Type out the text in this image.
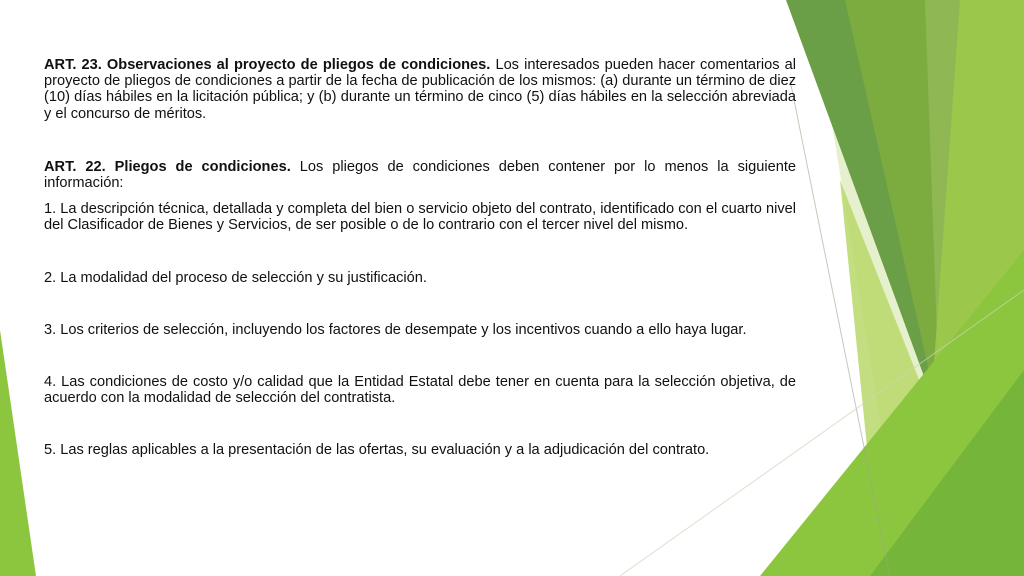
ART. 23. Observaciones al proyecto de pliegos de condiciones. Los interesados pueden hacer comentarios al proyecto de pliegos de condiciones a partir de la fecha de publicación de los mismos: (a) durante un término de diez (10) días hábiles en la licitación pública; y (b) durante un término de cinco (5) días hábiles en la selección abreviada y el concurso de méritos.

ART. 22. Pliegos de condiciones. Los pliegos de condiciones deben contener por lo menos la siguiente información:

1. La descripción técnica, detallada y completa del bien o servicio objeto del contrato, identificado con el cuarto nivel del Clasificador de Bienes y Servicios, de ser posible o de lo contrario con el tercer nivel del mismo.

2. La modalidad del proceso de selección y su justificación.

3. Los criterios de selección, incluyendo los factores de desempate y los incentivos cuando a ello haya lugar.

4. Las condiciones de costo y/o calidad que la Entidad Estatal debe tener en cuenta para la selección objetiva, de acuerdo con la modalidad de selección del contratista.

5. Las reglas aplicables a la presentación de las ofertas, su evaluación y a la adjudicación del contrato.
